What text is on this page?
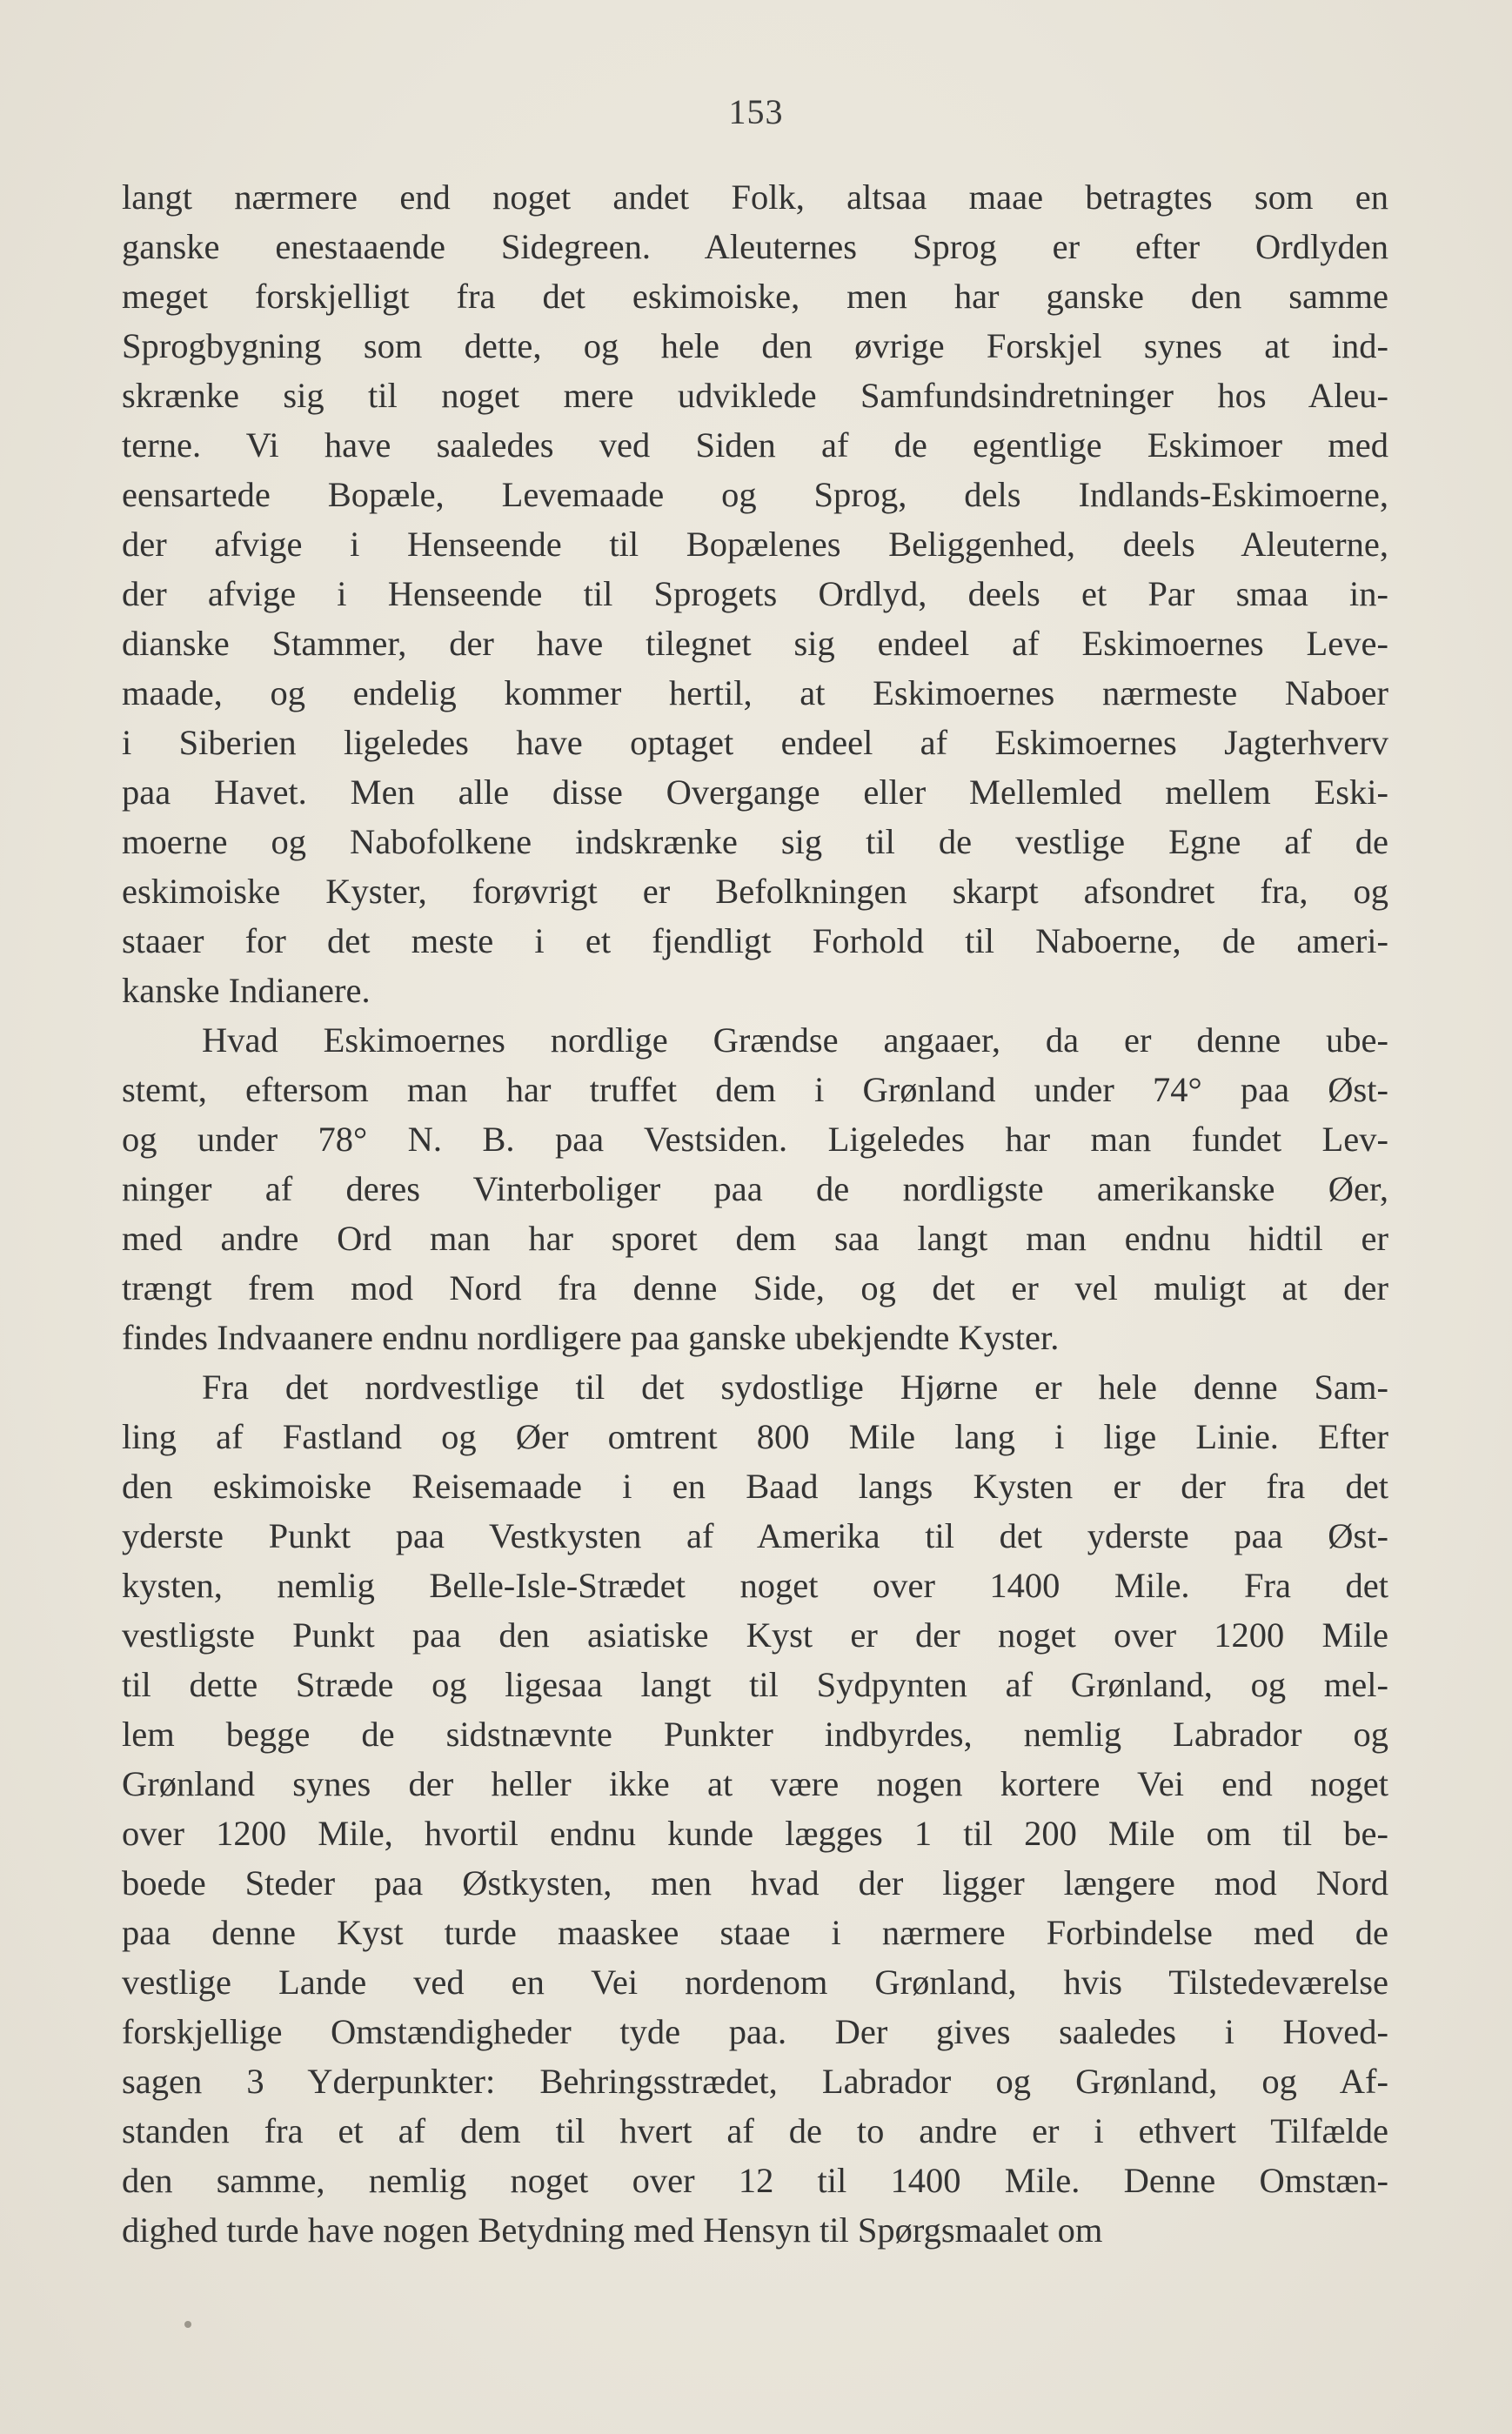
153
langt nærmere end noget andet Folk, altsaa maae betragtes som en
ganske enestaaende Sidegreen. Aleuternes Sprog er efter Ordlyden
meget forskjelligt fra det eskimoiske, men har ganske den samme
Sprogbygning som dette, og hele den øvrige Forskjel synes at ind-
skrænke sig til noget mere udviklede Samfundsindretninger hos Aleu-
terne. Vi have saaledes ved Siden af de egentlige Eskimoer med
eensartede Bopæle, Levemaade og Sprog, dels Indlands-Eskimoerne,
der afvige i Henseende til Bopælenes Beliggenhed, deels Aleuterne,
der afvige i Henseende til Sprogets Ordlyd, deels et Par smaa in-
dianske Stammer, der have tilegnet sig endeel af Eskimoernes Leve-
maade, og endelig kommer hertil, at Eskimoernes nærmeste Naboer
i Siberien ligeledes have optaget endeel af Eskimoernes Jagterhverv
paa Havet. Men alle disse Overgange eller Mellemled mellem Eski-
moerne og Nabofolkene indskrænke sig til de vestlige Egne af de
eskimoiske Kyster, forøvrigt er Befolkningen skarpt afsondret fra, og
staaer for det meste i et fjendligt Forhold til Naboerne, de ameri-
kanske Indianere.
Hvad Eskimoernes nordlige Grændse angaaer, da er denne ube-
stemt, eftersom man har truffet dem i Grønland under 74° paa Øst-
og under 78° N. B. paa Vestsiden. Ligeledes har man fundet Lev-
ninger af deres Vinterboliger paa de nordligste amerikanske Øer,
med andre Ord man har sporet dem saa langt man endnu hidtil er
trængt frem mod Nord fra denne Side, og det er vel muligt at der
findes Indvaanere endnu nordligere paa ganske ubekjendte Kyster.
Fra det nordvestlige til det sydostlige Hjørne er hele denne Sam-
ling af Fastland og Øer omtrent 800 Mile lang i lige Linie. Efter
den eskimoiske Reisemaade i en Baad langs Kysten er der fra det
yderste Punkt paa Vestkysten af Amerika til det yderste paa Øst-
kysten, nemlig Belle-Isle-Strædet noget over 1400 Mile. Fra det
vestligste Punkt paa den asiatiske Kyst er der noget over 1200 Mile
til dette Stræde og ligesaa langt til Sydpynten af Grønland, og mel-
lem begge de sidstnævnte Punkter indbyrdes, nemlig Labrador og
Grønland synes der heller ikke at være nogen kortere Vei end noget
over 1200 Mile, hvortil endnu kunde lægges 1 til 200 Mile om til be-
boede Steder paa Østkysten, men hvad der ligger længere mod Nord
paa denne Kyst turde maaskee staae i nærmere Forbindelse med de
vestlige Lande ved en Vei nordenom Grønland, hvis Tilstedeværelse
forskjellige Omstændigheder tyde paa. Der gives saaledes i Hoved-
sagen 3 Yderpunkter: Behringsstrædet, Labrador og Grønland, og Af-
standen fra et af dem til hvert af de to andre er i ethvert Tilfælde
den samme, nemlig noget over 12 til 1400 Mile. Denne Omstæn-
dighed turde have nogen Betydning med Hensyn til Spørgsmaalet om
